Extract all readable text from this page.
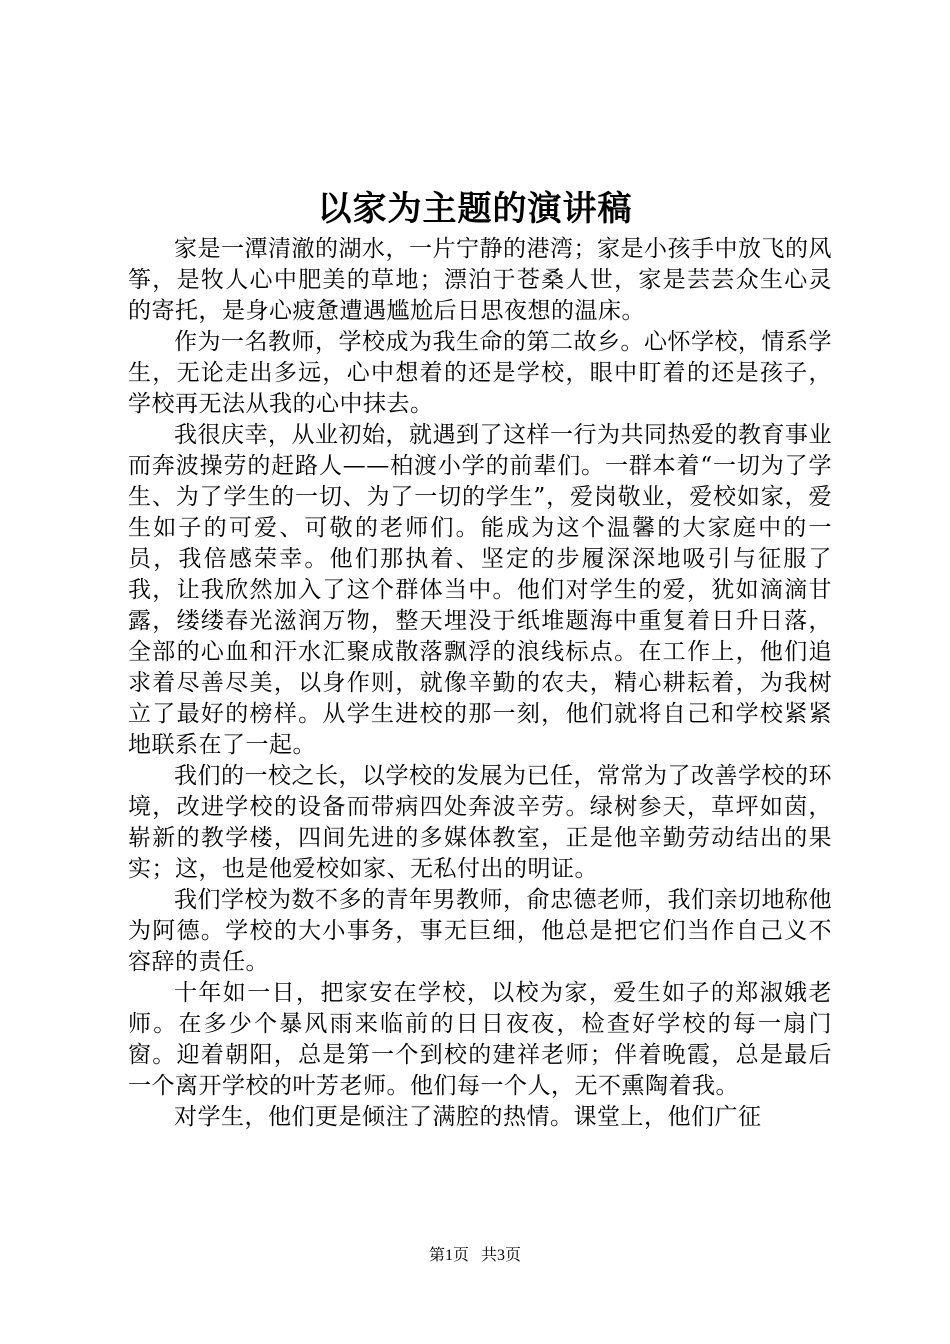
以家为主题的演讲稿

家是一潭清澈的湖水，一片宁静的港湾；家是小孩手中放飞的风筝，是牧人心中肥美的草地；漂泊于苍桑人世，家是芸芸众生心灵的寄托，是身心疲惫遭遇尴尬后日思夜想的温床。

作为一名教师，学校成为我生命的第二故乡。心怀学校，情系学生，无论走出多远，心中想着的还是学校，眼中盯着的还是孩子，学校再无法从我的心中抹去。

我很庆幸，从业初始，就遇到了这样一行为共同热爱的教育事业而奔波操劳的赶路人——柏渡小学的前辈们。一群本着“一切为了学生、为了学生的一切、为了一切的学生”，爱岗敬业，爱校如家，爱生如子的可爱、可敬的老师们。能成为这个温馨的大家庭中的一员，我倍感荣幸。他们那执着、坚定的步履深深地吸引与征服了我，让我欣然加入了这个群体当中。他们对学生的爱，犹如滴滴甘露，缕缕春光滋润万物，整天埋没于纸堆题海中重复着日升日落，全部的心血和汗水汇聚成散落飘浮的浪线标点。在工作上，他们追求着尽善尽美，以身作则，就像辛勤的农夫，精心耕耘着，为我树立了最好的榜样。从学生进校的那一刻，他们就将自己和学校紧紧地联系在了一起。

我们的一校之长，以学校的发展为已任，常常为了改善学校的环境，改进学校的设备而带病四处奔波辛劳。绿树参天，草坪如茵，崭新的教学楼，四间先进的多媒体教室，正是他辛勤劳动结出的果实；这，也是他爱校如家、无私付出的明证。

我们学校为数不多的青年男教师，俞忠德老师，我们亲切地称他为阿德。学校的大小事务，事无巨细，他总是把它们当作自己义不容辞的责任。

十年如一日，把家安在学校，以校为家，爱生如子的郑淑娥老师。在多少个暴风雨来临前的日日夜夜，检查好学校的每一扇门窗。迎着朝阳，总是第一个到校的建祥老师；伴着晚霞，总是最后一个离开学校的叶芳老师。他们每一个人，无不熏陶着我。

对学生，他们更是倾注了满腔的热情。课堂上，他们广征

第1页 共3页
